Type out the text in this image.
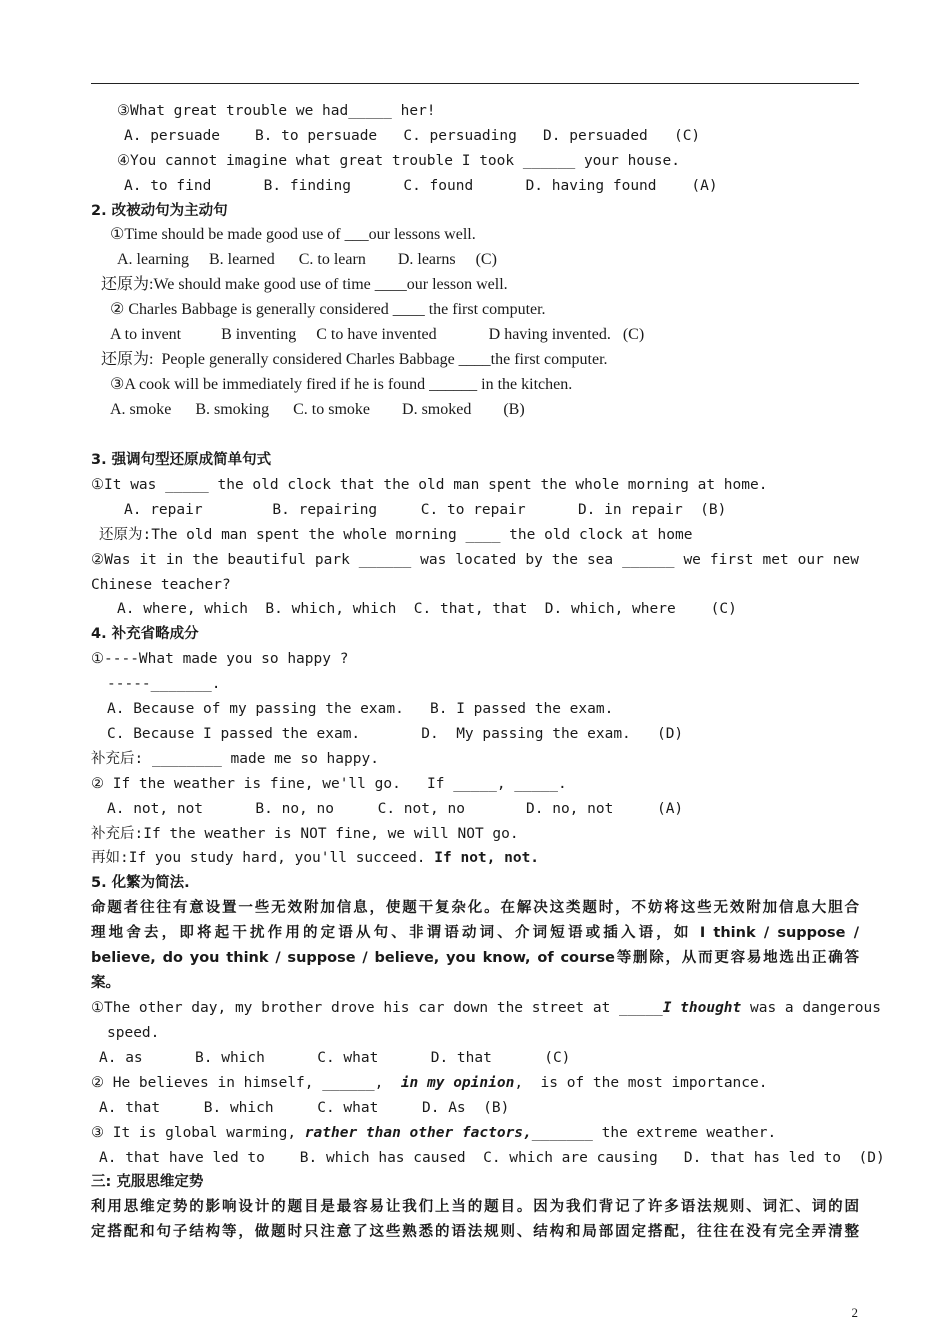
③What great trouble we had_____ her!
A. persuade    B. to persuade   C. persuading   D. persuaded   (C)
④You cannot imagine what great trouble I took ______ your house.
A. to find      B. finding      C. found      D. having found    (A)
2. 改被动句为主动句
①Time should be made good use of ___our lessons well.
A. learning     B. learned      C. to learn        D. learns     (C)
还原为:We should make good use of time ____our lesson well.
② Charles Babbage is generally considered ____ the first computer.
A to invent          B inventing     C to have invented             D having invented.   (C)
还原为:  People generally considered Charles Babbage ____the first computer.
③A cook will be immediately fired if he is found ______ in the kitchen.
A. smoke      B. smoking      C. to smoke        D. smoked        (B)
3. 强调句型还原成简单句式
①It was _____ the old clock that the old man spent the whole morning at home.
A. repair        B. repairing     C. to repair      D. in repair  (B)
还原为:The old man spent the whole morning ____ the old clock at home
②Was it in the beautiful park ______ was located by the sea ______ we first met our new
Chinese teacher?
A. where, which  B. which, which  C. that, that  D. which, where    (C)
4. 补充省略成分
①----What made you so happy ?
-----_______.
A. Because of my passing the exam.   B. I passed the exam.
C. Because I passed the exam.       D.  My passing the exam.   (D)
补充后: ________ made me so happy.
② If the weather is fine, we'll go.   If _____, _____.
A. not, not      B. no, no     C. not, no       D. no, not     (A)
补充后:If the weather is NOT fine, we will NOT go.
再如:If you study hard, you'll succeed. If not, not.
5. 化繁为简法.
命题者往往有意设置一些无效附加信息，使题干复杂化。在解决这类题时，不妨将这些无效附加信息大胆合
理地舍去，即将起干扰作用的定语从句、非谓语动词、介词短语或插入语，如 I think / suppose /
believe, do you think / suppose / believe, you know, of course等删除，从而更容易地选出正确答
案。
①The other day, my brother drove his car down the street at _____I thought was a dangerous
speed.
A. as      B. which      C. what      D. that      (C)
② He believes in himself, ______,  in my opinion,  is of the most importance.
A. that     B. which     C. what     D. As  (B)
③ It is global warming, rather than other factors,_______ the extreme weather.
A. that have led to    B. which has caused  C. which are causing   D. that has led to  (D)
三: 克服思维定势
利用思维定势的影响设计的题目是最容易让我们上当的题目。因为我们背记了许多语法规则、词汇、词的固
定搭配和句子结构等，做题时只注意了这些熟悉的语法规则、结构和局部固定搭配，往往在没有完全弄清整
2
